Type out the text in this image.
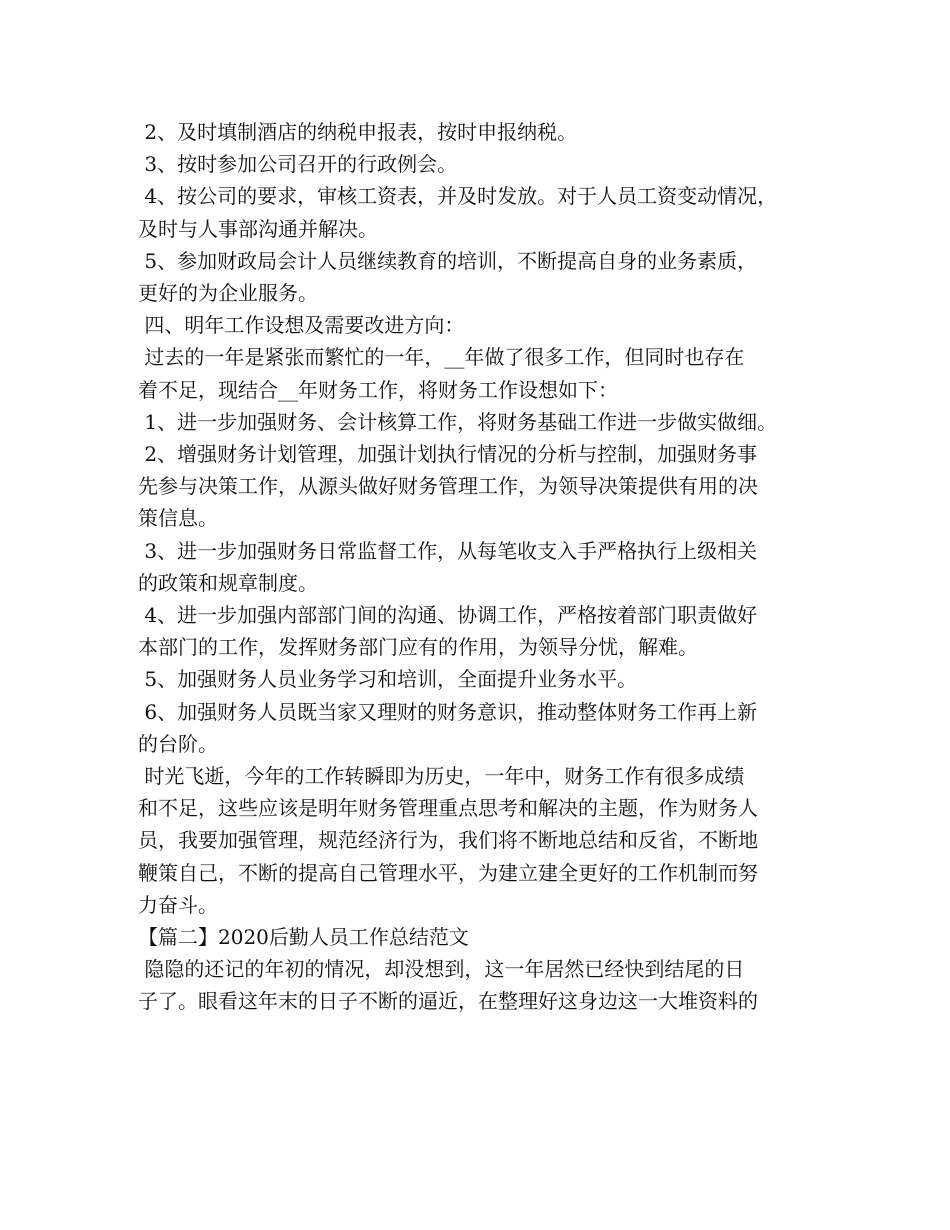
2、及时填制酒店的纳税申报表，按时申报纳税。
3、按时参加公司召开的行政例会。
4、按公司的要求，审核工资表，并及时发放。对于人员工资变动情况，
及时与人事部沟通并解决。
5、参加财政局会计人员继续教育的培训，不断提高自身的业务素质，
更好的为企业服务。
四、明年工作设想及需要改进方向：
过去的一年是紧张而繁忙的一年，__年做了很多工作，但同时也存在
着不足，现结合__年财务工作，将财务工作设想如下：
1、进一步加强财务、会计核算工作，将财务基础工作进一步做实做细。
2、增强财务计划管理，加强计划执行情况的分析与控制，加强财务事
先参与决策工作，从源头做好财务管理工作，为领导决策提供有用的决
策信息。
3、进一步加强财务日常监督工作，从每笔收支入手严格执行上级相关
的政策和规章制度。
4、进一步加强内部部门间的沟通、协调工作，严格按着部门职责做好
本部门的工作，发挥财务部门应有的作用，为领导分忧，解难。
5、加强财务人员业务学习和培训，全面提升业务水平。
6、加强财务人员既当家又理财的财务意识，推动整体财务工作再上新
的台阶。
时光飞逝，今年的工作转瞬即为历史，一年中，财务工作有很多成绩
和不足，这些应该是明年财务管理重点思考和解决的主题，作为财务人
员，我要加强管理，规范经济行为，我们将不断地总结和反省，不断地
鞭策自己，不断的提高自己管理水平，为建立建全更好的工作机制而努
力奋斗。
【篇二】2020后勤人员工作总结范文
隐隐的还记的年初的情况，却没想到，这一年居然已经快到结尾的日
子了。眼看这年末的日子不断的逼近，在整理好这身边这一大堆资料的
